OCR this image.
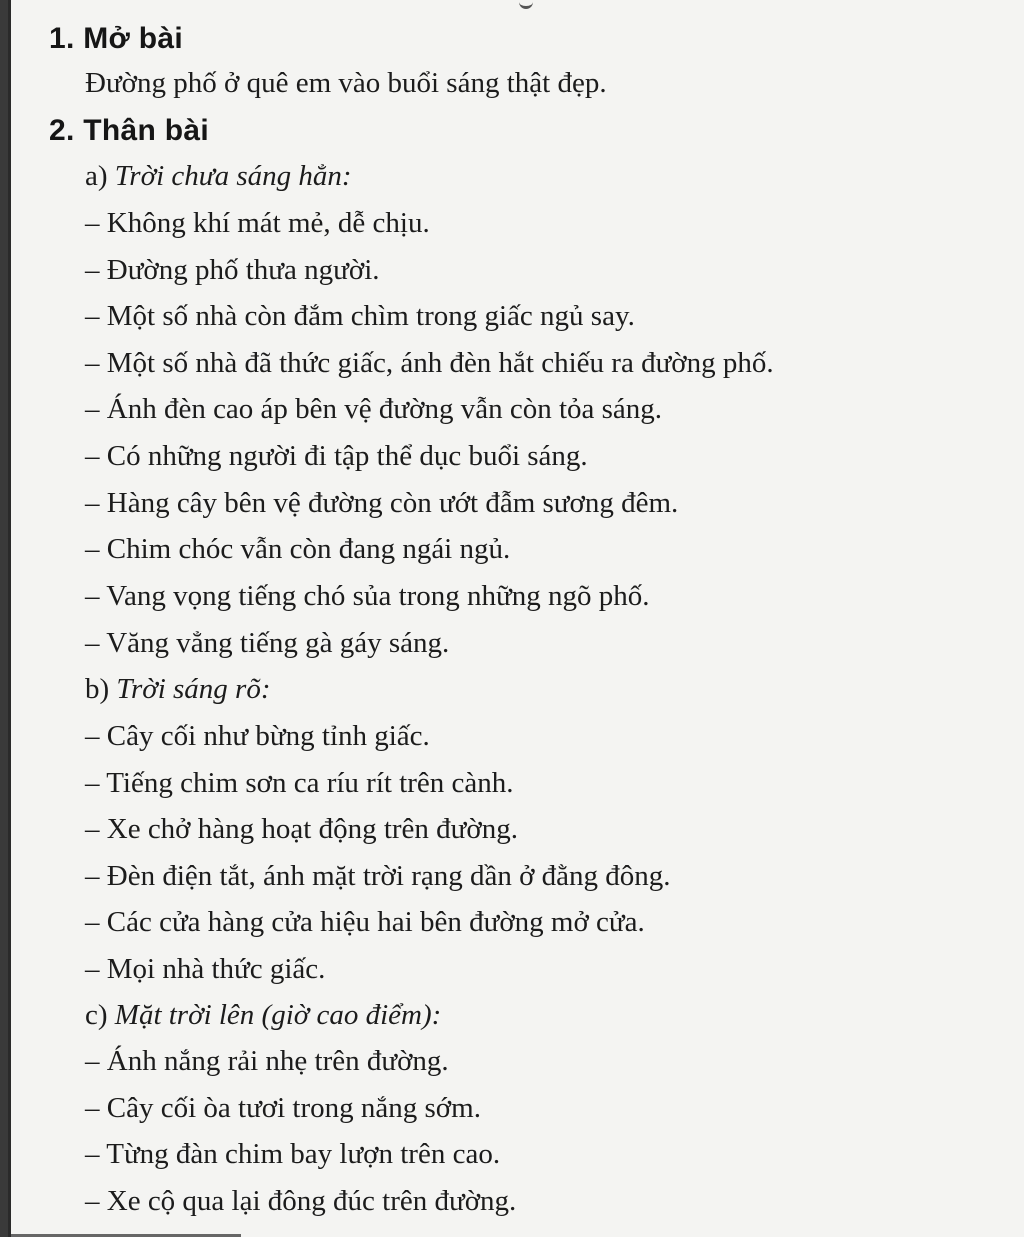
1. Mở bài
Đường phố ở quê em vào buổi sáng thật đẹp.
2. Thân bài
a) Trời chưa sáng hẳn:
– Không khí mát mẻ, dễ chịu.
– Đường phố thưa người.
– Một số nhà còn đắm chìm trong giấc ngủ say.
– Một số nhà đã thức giấc, ánh đèn hắt chiếu ra đường phố.
– Ánh đèn cao áp bên vệ đường vẫn còn tỏa sáng.
– Có những người đi tập thể dục buổi sáng.
– Hàng cây bên vệ đường còn ướt đẫm sương đêm.
– Chim chóc vẫn còn đang ngái ngủ.
– Vang vọng tiếng chó sủa trong những ngõ phố.
– Văng vẳng tiếng gà gáy sáng.
b) Trời sáng rõ:
– Cây cối như bừng tỉnh giấc.
– Tiếng chim sơn ca ríu rít trên cành.
– Xe chở hàng hoạt động trên đường.
– Đèn điện tắt, ánh mặt trời rạng dần ở đằng đông.
– Các cửa hàng cửa hiệu hai bên đường mở cửa.
– Mọi nhà thức giấc.
c) Mặt trời lên (giờ cao điểm):
– Ánh nắng rải nhẹ trên đường.
– Cây cối òa tươi trong nắng sớm.
– Từng đàn chim bay lượn trên cao.
– Xe cộ qua lại đông đúc trên đường.
